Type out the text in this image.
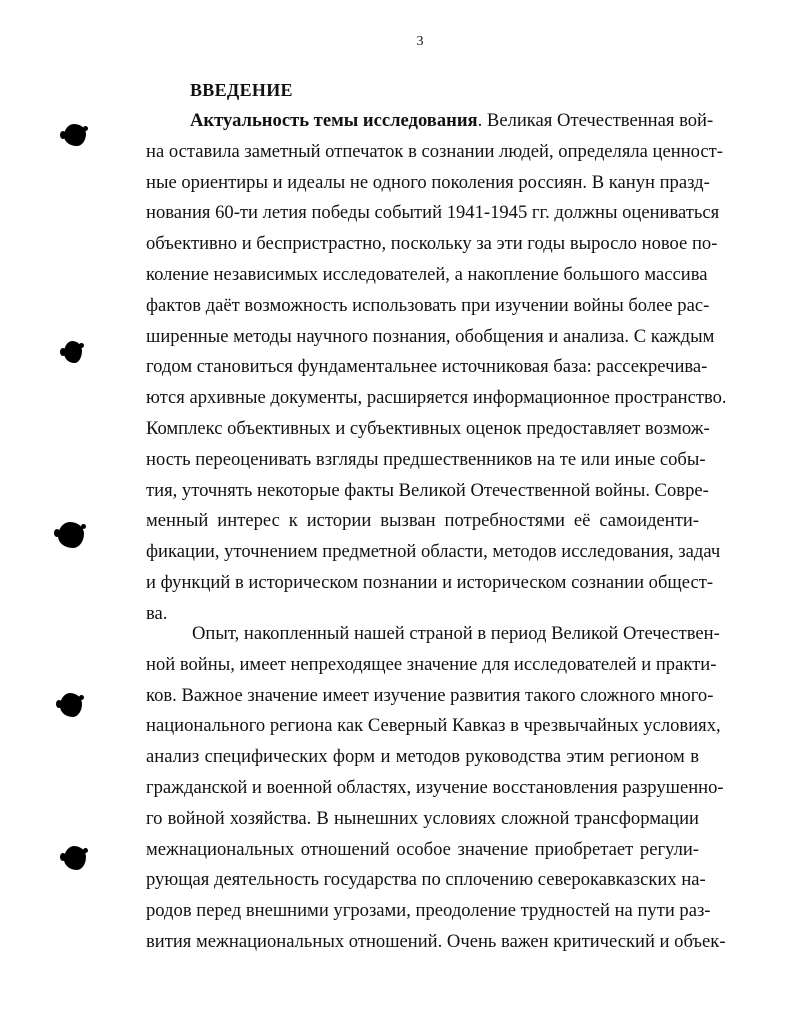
3
ВВЕДЕНИЕ
Актуальность темы исследования. Великая Отечественная вой-
на оставила заметный отпечаток в сознании людей, определяла ценност-
ные ориентиры и идеалы не одного поколения россиян. В канун празд-
нования 60-ти летия победы событий 1941-1945 гг. должны оцениваться
объективно и беспристрастно, поскольку за эти годы выросло новое по-
коление независимых исследователей, а накопление большого массива
фактов даёт возможность использовать при изучении войны более рас-
ширенные методы научного познания, обобщения и анализа. С каждым
годом становиться фундаментальнее источниковая база: рассекречива-
ются архивные документы, расширяется информационное пространство.
Комплекс объективных и субъективных оценок предоставляет возмож-
ность переоценивать взгляды предшественников на те или иные собы-
тия, уточнять некоторые факты Великой Отечественной войны. Совре-
менный интерес к истории вызван потребностями её самоиденти-
фикации, уточнением предметной области, методов исследования, задач
и функций в историческом познании и историческом сознании общест-
ва.
Опыт, накопленный нашей страной в период Великой Отечествен-
ной войны, имеет непреходящее значение для исследователей и практи-
ков. Важное значение имеет изучение развития такого сложного много-
национального региона как Северный Кавказ в чрезвычайных условиях,
анализ специфических форм и методов руководства этим регионом в
гражданской и военной областях, изучение восстановления разрушенно-
го войной хозяйства. В нынешних условиях сложной трансформации
межнациональных отношений особое значение приобретает регули-
рующая деятельность государства по сплочению северокавказских на-
родов перед внешними угрозами, преодоление трудностей на пути раз-
вития межнациональных отношений. Очень важен критический и объек-
